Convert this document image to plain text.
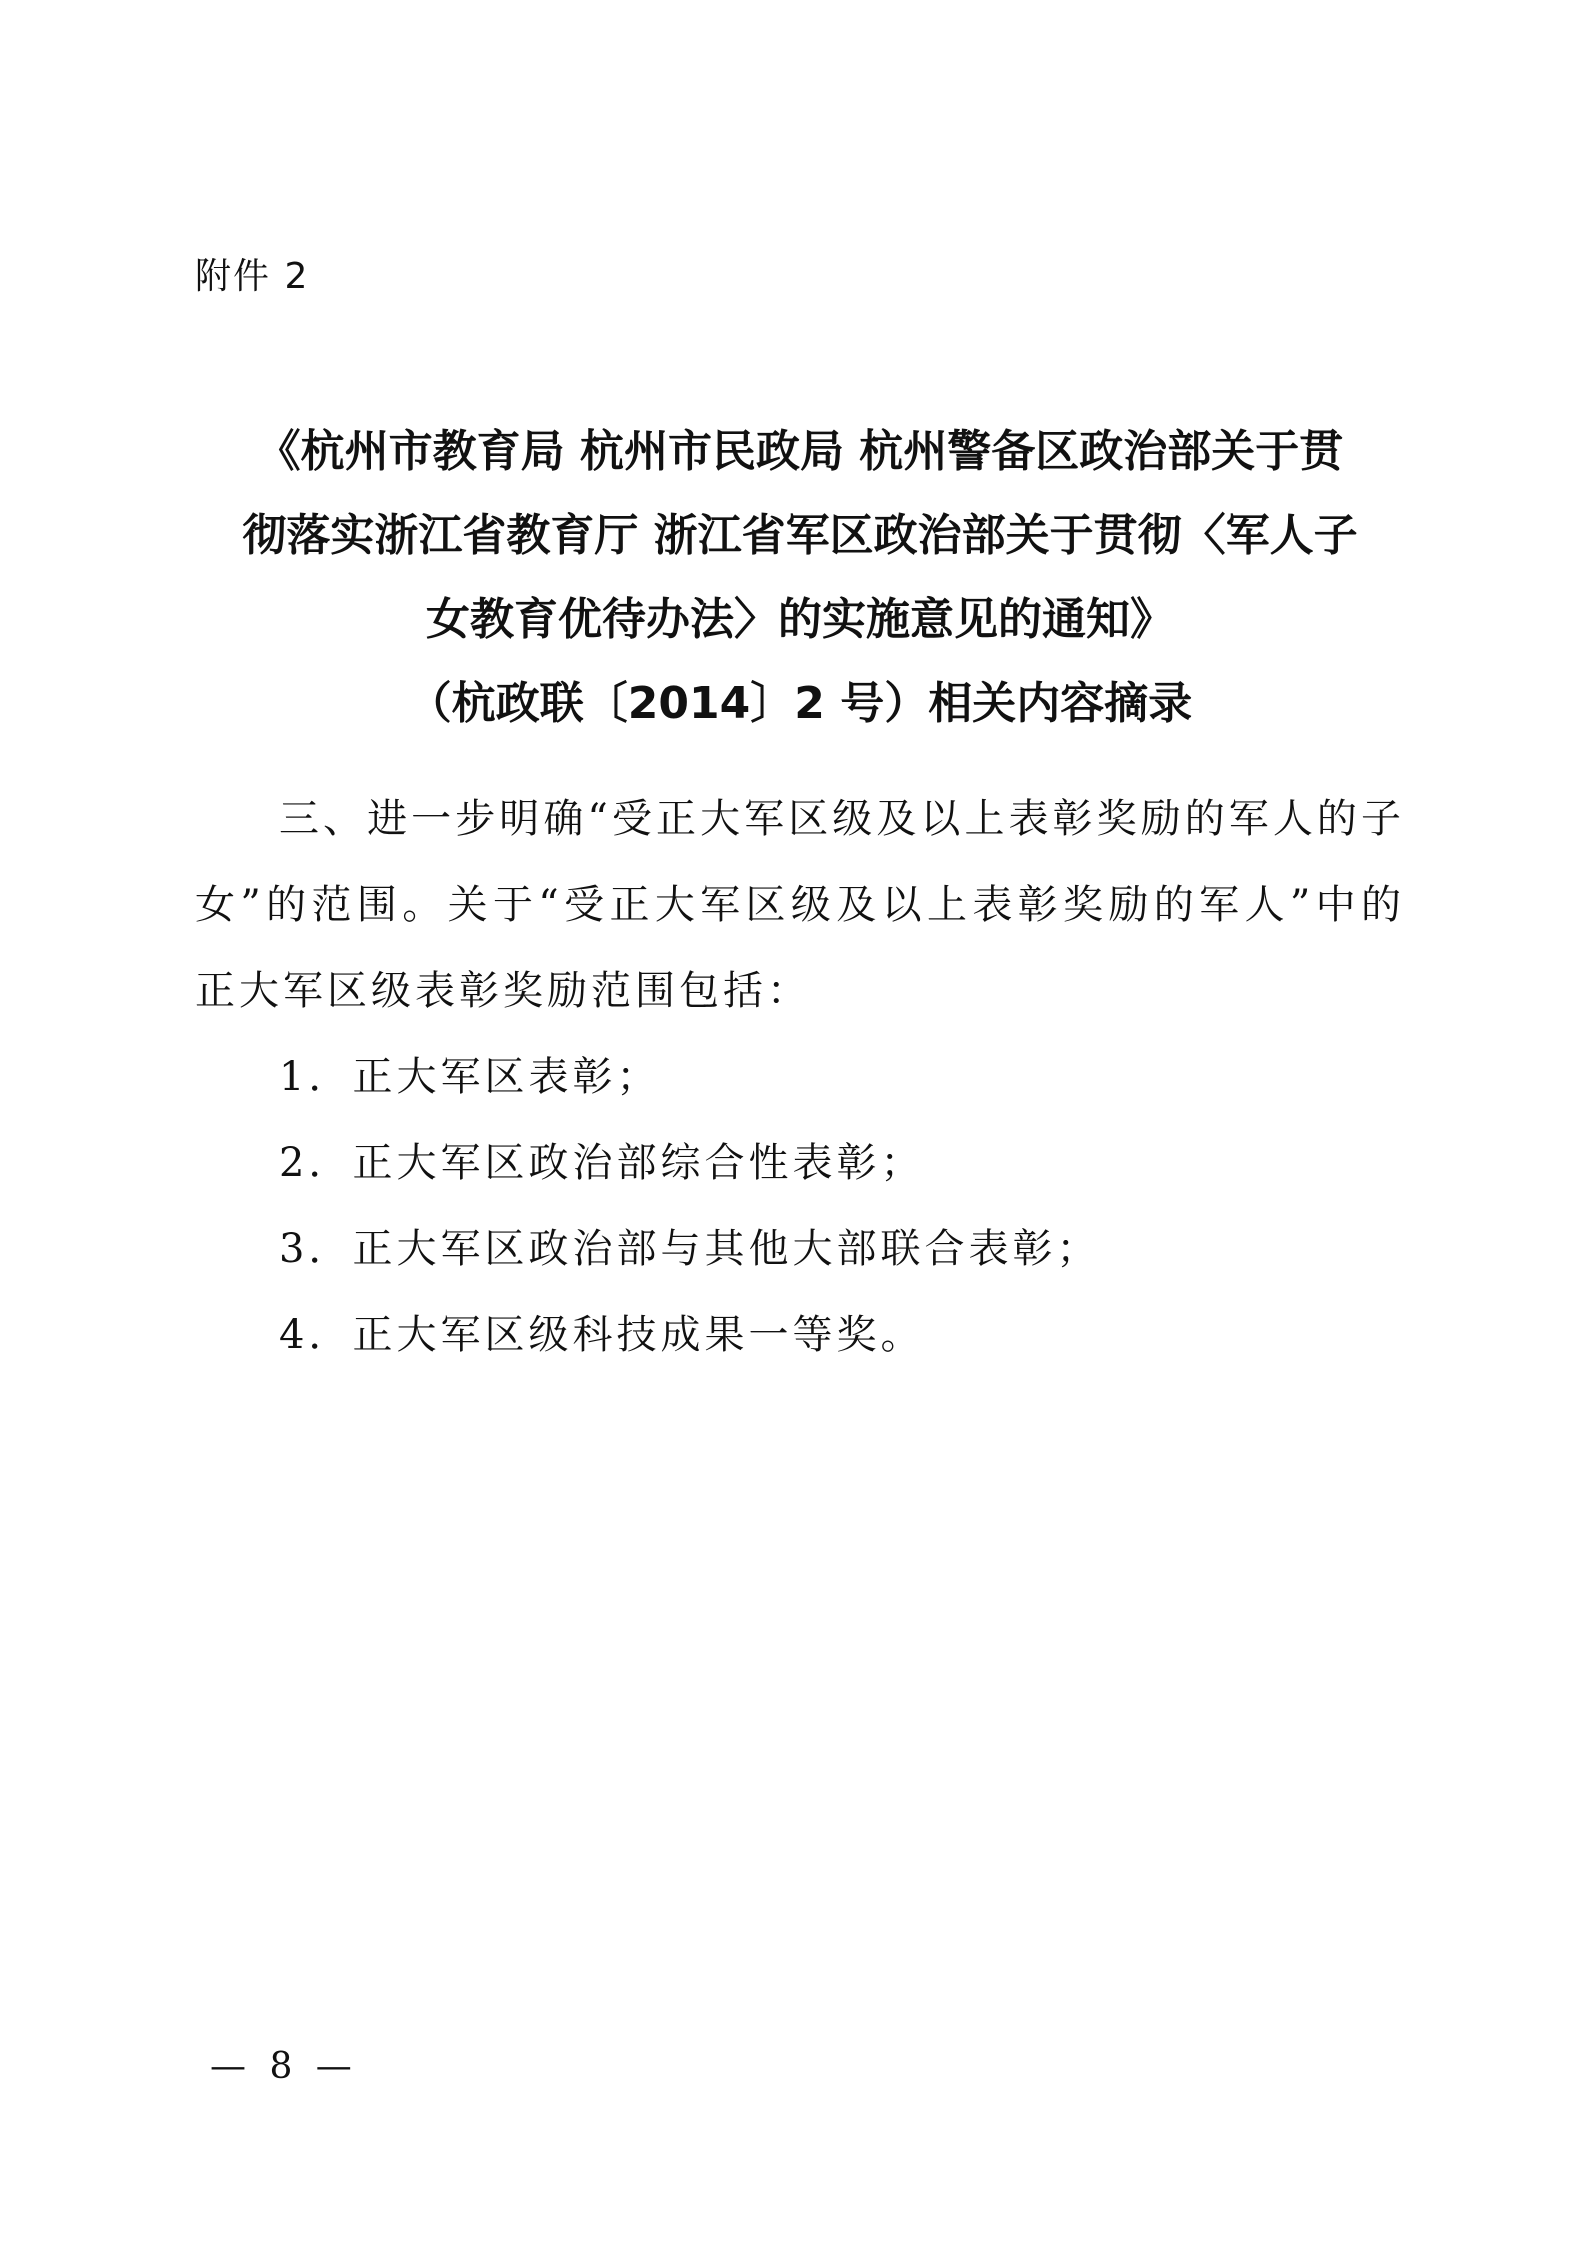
附件 2
《杭州市教育局 杭州市民政局 杭州警备区政治部关于贯
彻落实浙江省教育厅 浙江省军区政治部关于贯彻〈军人子
女教育优待办法〉的实施意见的通知》
（杭政联〔2014〕2 号）相关内容摘录

三、进一步明确“受正大军区级及以上表彰奖励的军人的子女”的范围。关于“受正大军区级及以上表彰奖励的军人”中的正大军区级表彰奖励范围包括：

1．正大军区表彰；

2．正大军区政治部综合性表彰；

3．正大军区政治部与其他大部联合表彰；

4．正大军区级科技成果一等奖。

— 8 —
